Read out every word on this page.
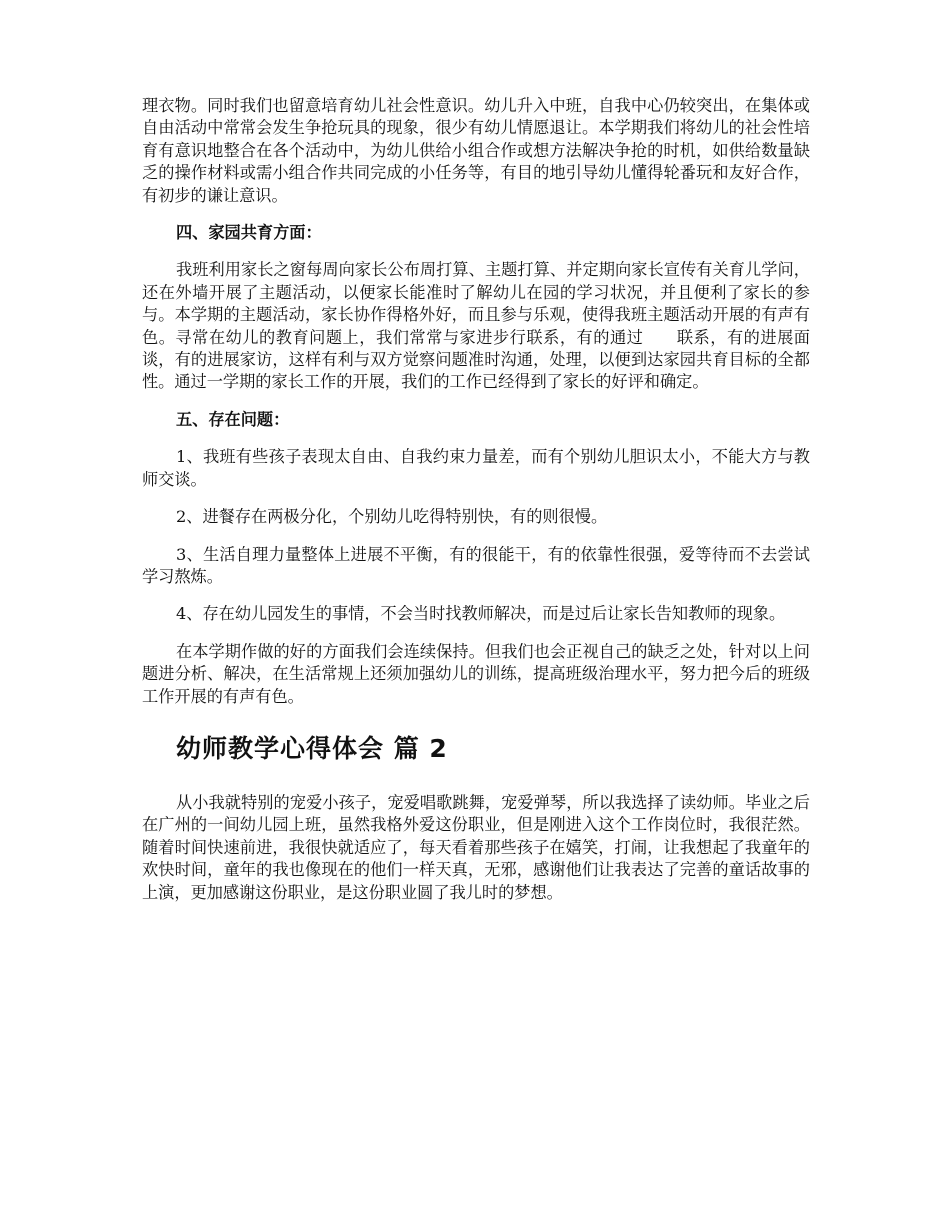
理衣物。同时我们也留意培育幼儿社会性意识。幼儿升入中班，自我中心仍较突出，在集体或自由活动中常常会发生争抢玩具的现象，很少有幼儿情愿退让。本学期我们将幼儿的社会性培育有意识地整合在各个活动中，为幼儿供给小组合作或想方法解决争抢的时机，如供给数量缺乏的操作材料或需小组合作共同完成的小任务等，有目的地引导幼儿懂得轮番玩和友好合作，有初步的谦让意识。

四、家园共育方面：

我班利用家长之窗每周向家长公布周打算、主题打算、并定期向家长宣传有关育儿学问，还在外墙开展了主题活动，以便家长能准时了解幼儿在园的学习状况，并且便利了家长的参与。本学期的主题活动，家长协作得格外好，而且参与乐观，使得我班主题活动开展的有声有色。寻常在幼儿的教育问题上，我们常常与家进步行联系，有的通过　　联系，有的进展面谈，有的进展家访，这样有利与双方觉察问题准时沟通，处理，以便到达家园共育目标的全都性。通过一学期的家长工作的开展，我们的工作已经得到了家长的好评和确定。

五、存在问题：

1、我班有些孩子表现太自由、自我约束力量差，而有个别幼儿胆识太小，不能大方与教师交谈。

2、进餐存在两极分化，个别幼儿吃得特别快，有的则很慢。

3、生活自理力量整体上进展不平衡，有的很能干，有的依靠性很强，爱等待而不去尝试学习熬炼。

4、存在幼儿园发生的事情，不会当时找教师解决，而是过后让家长告知教师的现象。

在本学期作做的好的方面我们会连续保持。但我们也会正视自己的缺乏之处，针对以上问题进分析、解决，在生活常规上还须加强幼儿的训练，提高班级治理水平，努力把今后的班级工作开展的有声有色。

幼师教学心得体会 篇 2

从小我就特别的宠爱小孩子，宠爱唱歌跳舞，宠爱弹琴，所以我选择了读幼师。毕业之后在广州的一间幼儿园上班，虽然我格外爱这份职业，但是刚进入这个工作岗位时，我很茫然。随着时间快速前进，我很快就适应了，每天看着那些孩子在嬉笑，打闹，让我想起了我童年的欢快时间，童年的我也像现在的他们一样天真，无邪，感谢他们让我表达了完善的童话故事的上演，更加感谢这份职业，是这份职业圆了我儿时的梦想。
